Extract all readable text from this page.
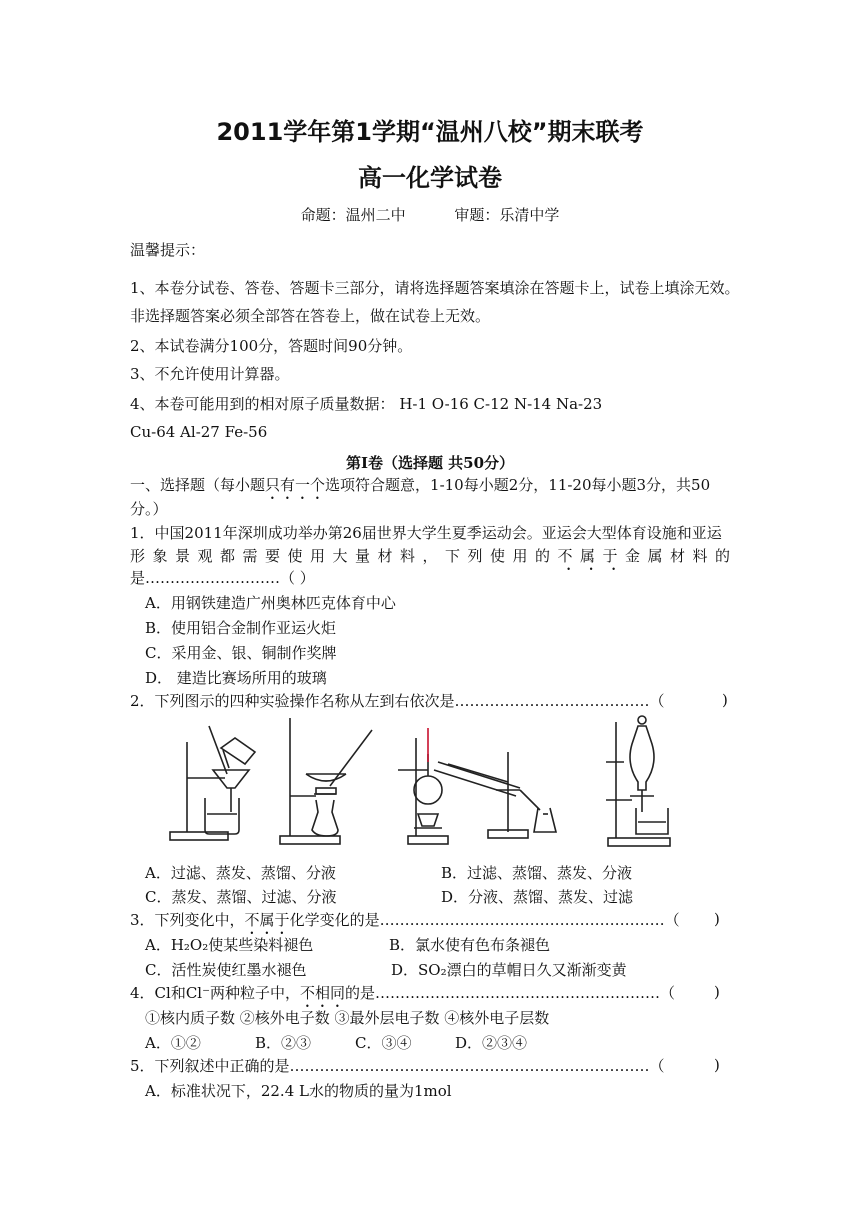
2011学年第1学期“温州八校”期末联考
高一化学试卷
命题：温州二中	审题：乐清中学
温馨提示：
1、本卷分试卷、答卷、答题卡三部分，请将选择题答案填涂在答题卡上，试卷上填涂无效。
非选择题答案必须全部答在答卷上，做在试卷上无效。
2、本试卷满分100分，答题时间90分钟。
3、不允许使用计算器。
4、本卷可能用到的相对原子质量数据： H-1 O-16 C-12 N-14 Na-23
Cu-64 Al-27 Fe-56
第Ⅰ卷（选择题 共50分）
一、选择题（每小题只有一个选项符合题意，1-10每小题2分，11-20每小题3分，共50
分。）
1．中国2011年深圳成功举办第26届世界大学生夏季运动会。亚运会大型体育设施和亚运
形象景观都需要使用大量材料，下列使用的不属于金属材料的
是………………………（ ）
A．用钢铁建造广州奥林匹克体育中心
B．使用铝合金制作亚运火炬
C．采用金、银、铜制作奖牌
D． 建造比赛场所用的玻璃
2．下列图示的四种实验操作名称从左到右依次是…………………………………（	)
A．过滤、蒸发、蒸馏、分液	B．过滤、蒸馏、蒸发、分液
C．蒸发、蒸馏、过滤、分液	D．分液、蒸馏、蒸发、过滤
3．下列变化中，不属于化学变化的是…………………………………………………（ )
A．H₂O₂使某些染料褪色	B．氯水使有色布条褪色
C．活性炭使红墨水褪色	D．SO₂漂白的草帽日久又渐渐变黄
4．Cl和Cl⁻两种粒子中，不相同的是…………………………………………………（	)
①核内质子数 ②核外电子数 ③最外层电子数 ④核外电子层数
A．①②	B．②③	C．③④	D．②③④
5．下列叙述中正确的是………………………………………………………………（	)
A．标准状况下，22.4 L水的物质的量为1mol
